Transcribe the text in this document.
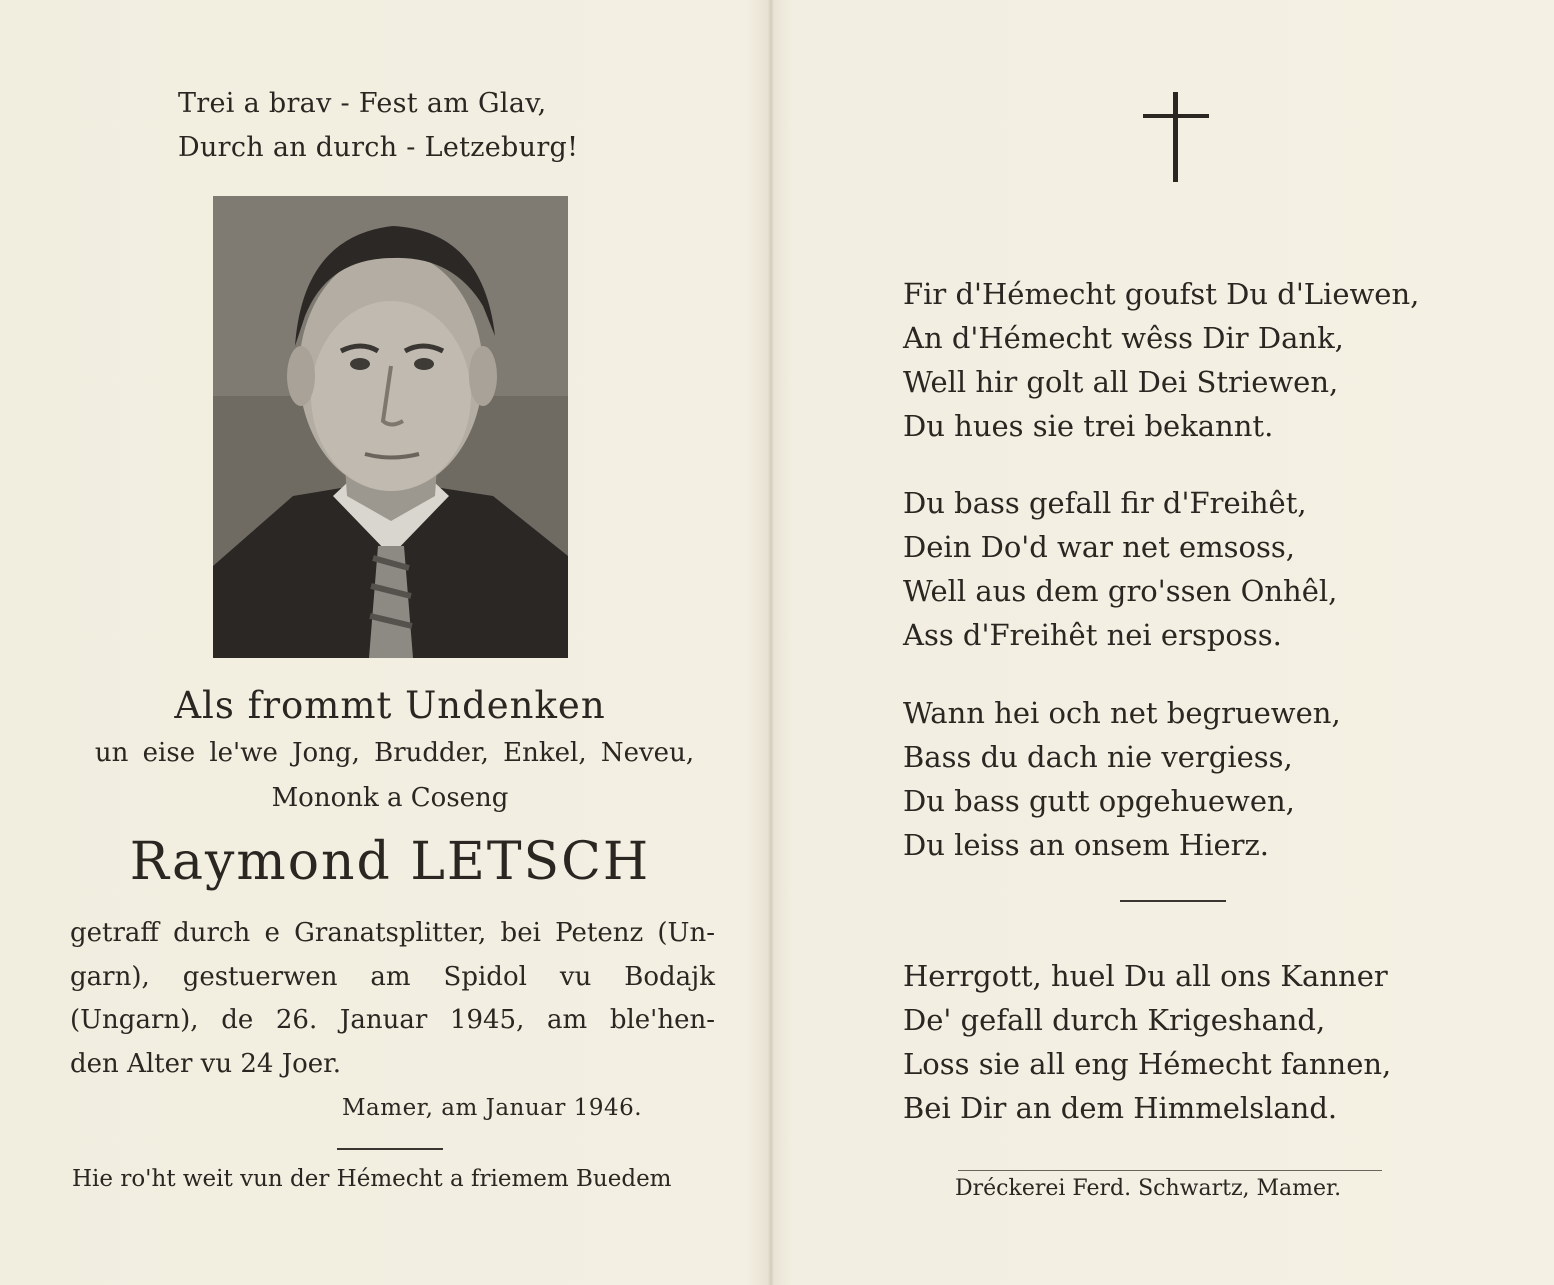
Trei a brav - Fest am Glav,
Durch an durch - Letzeburg!
Als frommt Undenken
un eise le'we Jong, Brudder, Enkel, Neveu,
Mononk a Coseng
Raymond LETSCH
getraff durch e Granatsplitter, bei Petenz (Un-
garn), gestuerwen am Spidol vu Bodajk
(Ungarn), de 26. Januar 1945, am ble'hen-
den Alter vu 24 Joer.
Mamer, am Januar 1946.
Hie ro'ht weit vun der Hémecht a friemem Buedem
Fir d'Hémecht goufst Du d'Liewen,
An d'Hémecht wêss Dir Dank,
Well hir golt all Dei Striewen,
Du hues sie trei bekannt.
Du bass gefall fir d'Freihêt,
Dein Do'd war net emsoss,
Well aus dem gro'ssen Onhêl,
Ass d'Freihêt nei ersposs.
Wann hei och net begruewen,
Bass du dach nie vergiess,
Du bass gutt opgehuewen,
Du leiss an onsem Hierz.
Herrgott, huel Du all ons Kanner
De' gefall durch Krigeshand,
Loss sie all eng Hémecht fannen,
Bei Dir an dem Himmelsland.
Dréckerei Ferd. Schwartz, Mamer.
